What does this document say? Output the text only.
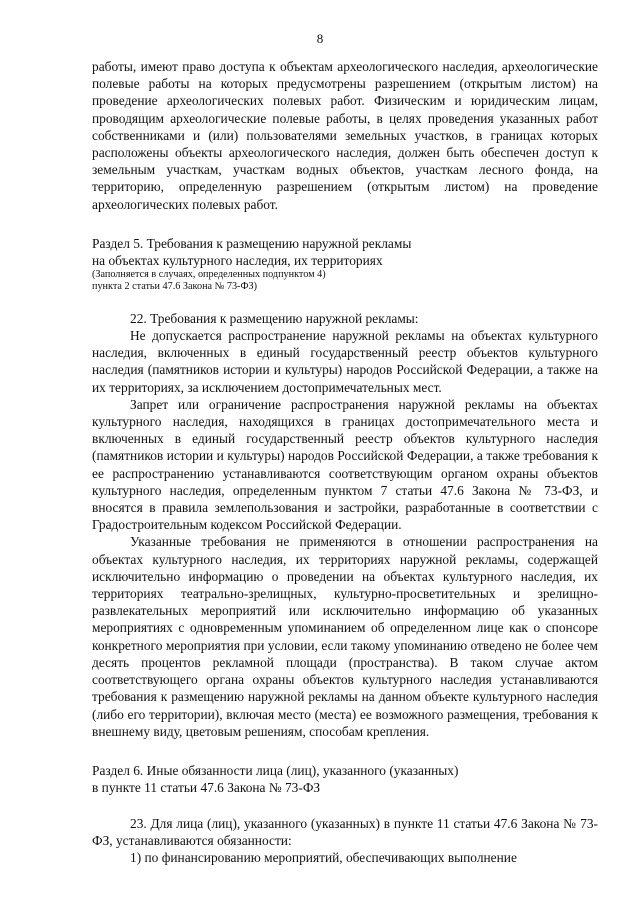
8

работы, имеют право доступа к объектам археологического наследия, археологические полевые работы на которых предусмотрены разрешением (открытым листом) на проведение археологических полевых работ. Физическим и юридическим лицам, проводящим археологические полевые работы, в целях проведения указанных работ собственниками и (или) пользователями земельных участков, в границах которых расположены объекты археологического наследия, должен быть обеспечен доступ к земельным участкам, участкам водных объектов, участкам лесного фонда, на территорию, определенную разрешением (открытым листом) на проведение археологических полевых работ.

Раздел 5. Требования к размещению наружной рекламы

на объектах культурного наследия, их территориях

(Заполняется в случаях, определенных подпунктом 4)

пункта 2 статьи 47.6 Закона № 73-ФЗ)

22. Требования к размещению наружной рекламы:

Не допускается распространение наружной рекламы на объектах культурного наследия, включенных в единый государственный реестр объектов культурного наследия (памятников истории и культуры) народов Российской Федерации, а также на их территориях, за исключением достопримечательных мест.

Запрет или ограничение распространения наружной рекламы на объектах культурного наследия, находящихся в границах достопримечательного места и включенных в единый государственный реестр объектов культурного наследия (памятников истории и культуры) народов Российской Федерации, а также требования к ее распространению устанавливаются соответствующим органом охраны объектов культурного наследия, определенным пунктом 7 статьи 47.6 Закона № 73-ФЗ, и вносятся в правила землепользования и застройки, разработанные в соответствии с Градостроительным кодексом Российской Федерации.

Указанные требования не применяются в отношении распространения на объектах культурного наследия, их территориях наружной рекламы, содержащей исключительно информацию о проведении на объектах культурного наследия, их территориях театрально-зрелищных, культурно-просветительных и зрелищно-развлекательных мероприятий или исключительно информацию об указанных мероприятиях с одновременным упоминанием об определенном лице как о спонсоре конкретного мероприятия при условии, если такому упоминанию отведено не более чем десять процентов рекламной площади (пространства). В таком случае актом соответствующего органа охраны объектов культурного наследия устанавливаются требования к размещению наружной рекламы на данном объекте культурного наследия (либо его территории), включая место (места) ее возможного размещения, требования к внешнему виду, цветовым решениям, способам крепления.

Раздел 6. Иные обязанности лица (лиц), указанного (указанных)

в пункте 11 статьи 47.6 Закона № 73-ФЗ

23. Для лица (лиц), указанного (указанных) в пункте 11 статьи 47.6 Закона № 73-ФЗ, устанавливаются обязанности:

1) по финансированию мероприятий, обеспечивающих выполнение
